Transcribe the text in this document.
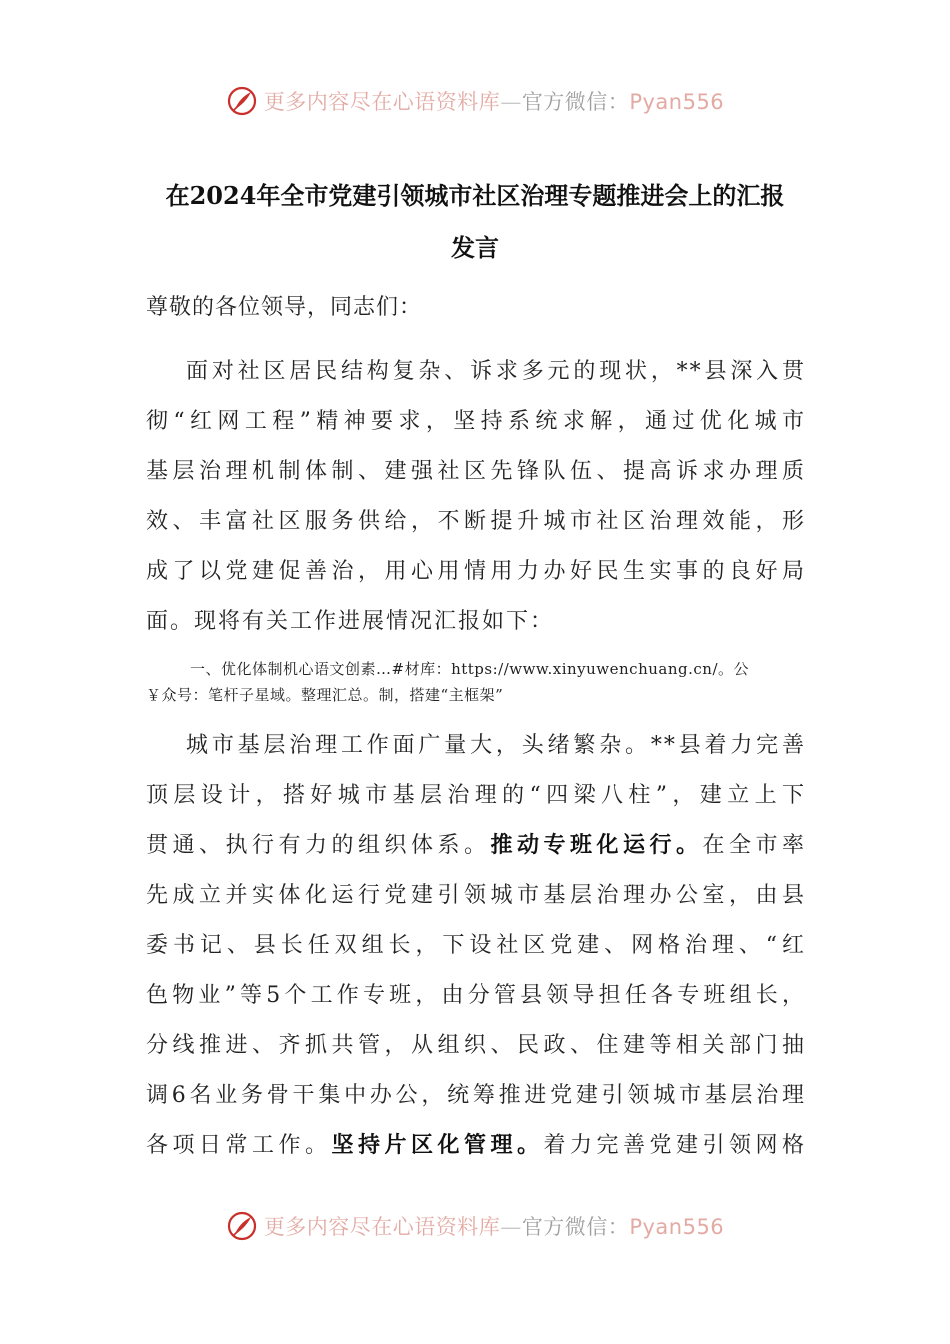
更多内容尽在心语资料库—官方微信：Pyan556
在2024年全市党建引领城市社区治理专题推进会上的汇报
发言
尊敬的各位领导，同志们：
面对社区居民结构复杂、诉求多元的现状，**县深入贯
彻“红网工程”精神要求，坚持系统求解，通过优化城市
基层治理机制体制、建强社区先锋队伍、提高诉求办理质
效、丰富社区服务供给，不断提升城市社区治理效能，形
成了以党建促善治，用心用情用力办好民生实事的良好局
面。现将有关工作进展情况汇报如下：
一、优化体制机心语文创素…#材库：https://www.xinyuwenchuang.cn/。公
￥众号：笔杆子星域。整理汇总。制，搭建“主框架”
城市基层治理工作面广量大，头绪繁杂。**县着力完善
顶层设计，搭好城市基层治理的“四梁八柱”，建立上下
贯通、执行有力的组织体系。推动专班化运行。在全市率
先成立并实体化运行党建引领城市基层治理办公室，由县
委书记、县长任双组长，下设社区党建、网格治理、“红
色物业”等5个工作专班，由分管县领导担任各专班组长，
分线推进、齐抓共管，从组织、民政、住建等相关部门抽
调6名业务骨干集中办公，统筹推进党建引领城市基层治理
各项日常工作。坚持片区化管理。着力完善党建引领网格
更多内容尽在心语资料库—官方微信：Pyan556
